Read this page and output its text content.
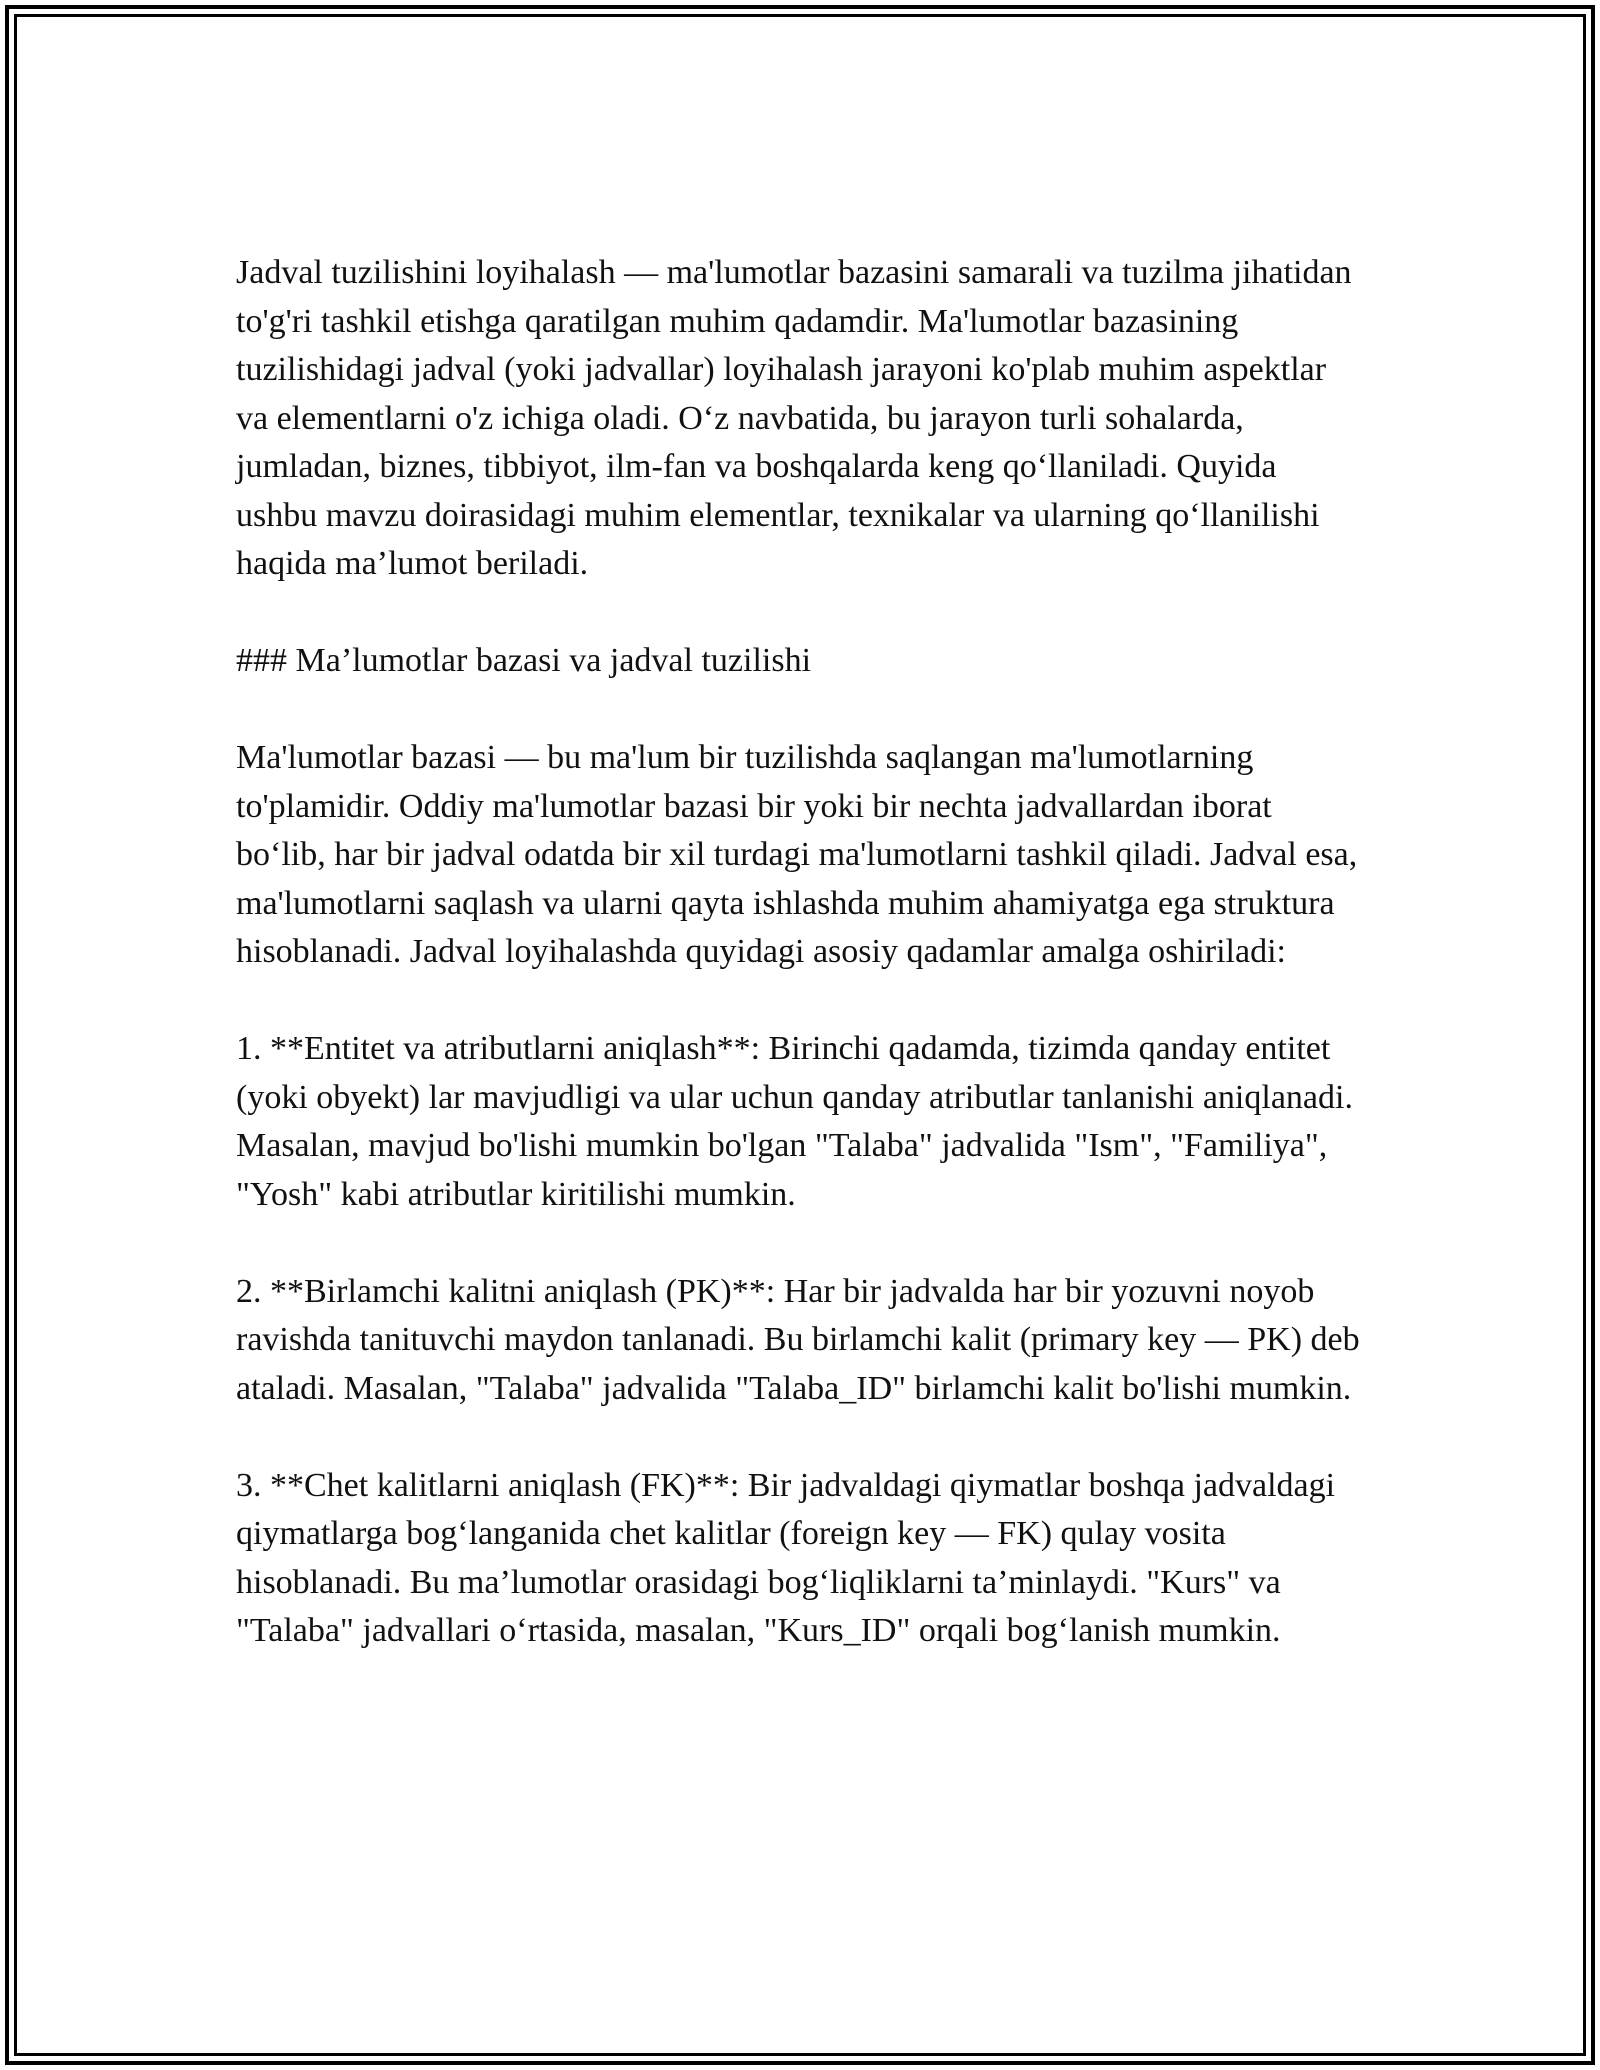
Jadval tuzilishini loyihalash — ma'lumotlar bazasini samarali va tuzilma jihatidan to'g'ri tashkil etishga qaratilgan muhim qadamdir. Ma'lumotlar bazasining tuzilishidagi jadval (yoki jadvallar) loyihalash jarayoni ko'plab muhim aspektlar va elementlarni o'z ichiga oladi. O‘z navbatida, bu jarayon turli sohalarda, jumladan, biznes, tibbiyot, ilm-fan va boshqalarda keng qo‘llaniladi. Quyida ushbu mavzu doirasidagi muhim elementlar, texnikalar va ularning qo‘llanilishi haqida ma’lumot beriladi.

### Ma’lumotlar bazasi va jadval tuzilishi

Ma'lumotlar bazasi — bu ma'lum bir tuzilishda saqlangan ma'lumotlarning to'plamidir. Oddiy ma'lumotlar bazasi bir yoki bir nechta jadvallardan iborat bo‘lib, har bir jadval odatda bir xil turdagi ma'lumotlarni tashkil qiladi. Jadval esa, ma'lumotlarni saqlash va ularni qayta ishlashda muhim ahamiyatga ega struktura hisoblanadi. Jadval loyihalashda quyidagi asosiy qadamlar amalga oshiriladi:

1. **Entitet va atributlarni aniqlash**: Birinchi qadamda, tizimda qanday entitet (yoki obyekt) lar mavjudligi va ular uchun qanday atributlar tanlanishi aniqlanadi. Masalan, mavjud bo'lishi mumkin bo'lgan "Talaba" jadvalida "Ism", "Familiya", "Yosh" kabi atributlar kiritilishi mumkin.

2. **Birlamchi kalitni aniqlash (PK)**: Har bir jadvalda har bir yozuvni noyob ravishda tanituvchi maydon tanlanadi. Bu birlamchi kalit (primary key — PK) deb ataladi. Masalan, "Talaba" jadvalida "Talaba_ID" birlamchi kalit bo'lishi mumkin.

3. **Chet kalitlarni aniqlash (FK)**: Bir jadvaldagi qiymatlar boshqa jadvaldagi qiymatlarga bog‘langanida chet kalitlar (foreign key — FK) qulay vosita hisoblanadi. Bu ma’lumotlar orasidagi bog‘liqliklarni ta’minlaydi. "Kurs" va "Talaba" jadvallari o‘rtasida, masalan, "Kurs_ID" orqali bog‘lanish mumkin.
